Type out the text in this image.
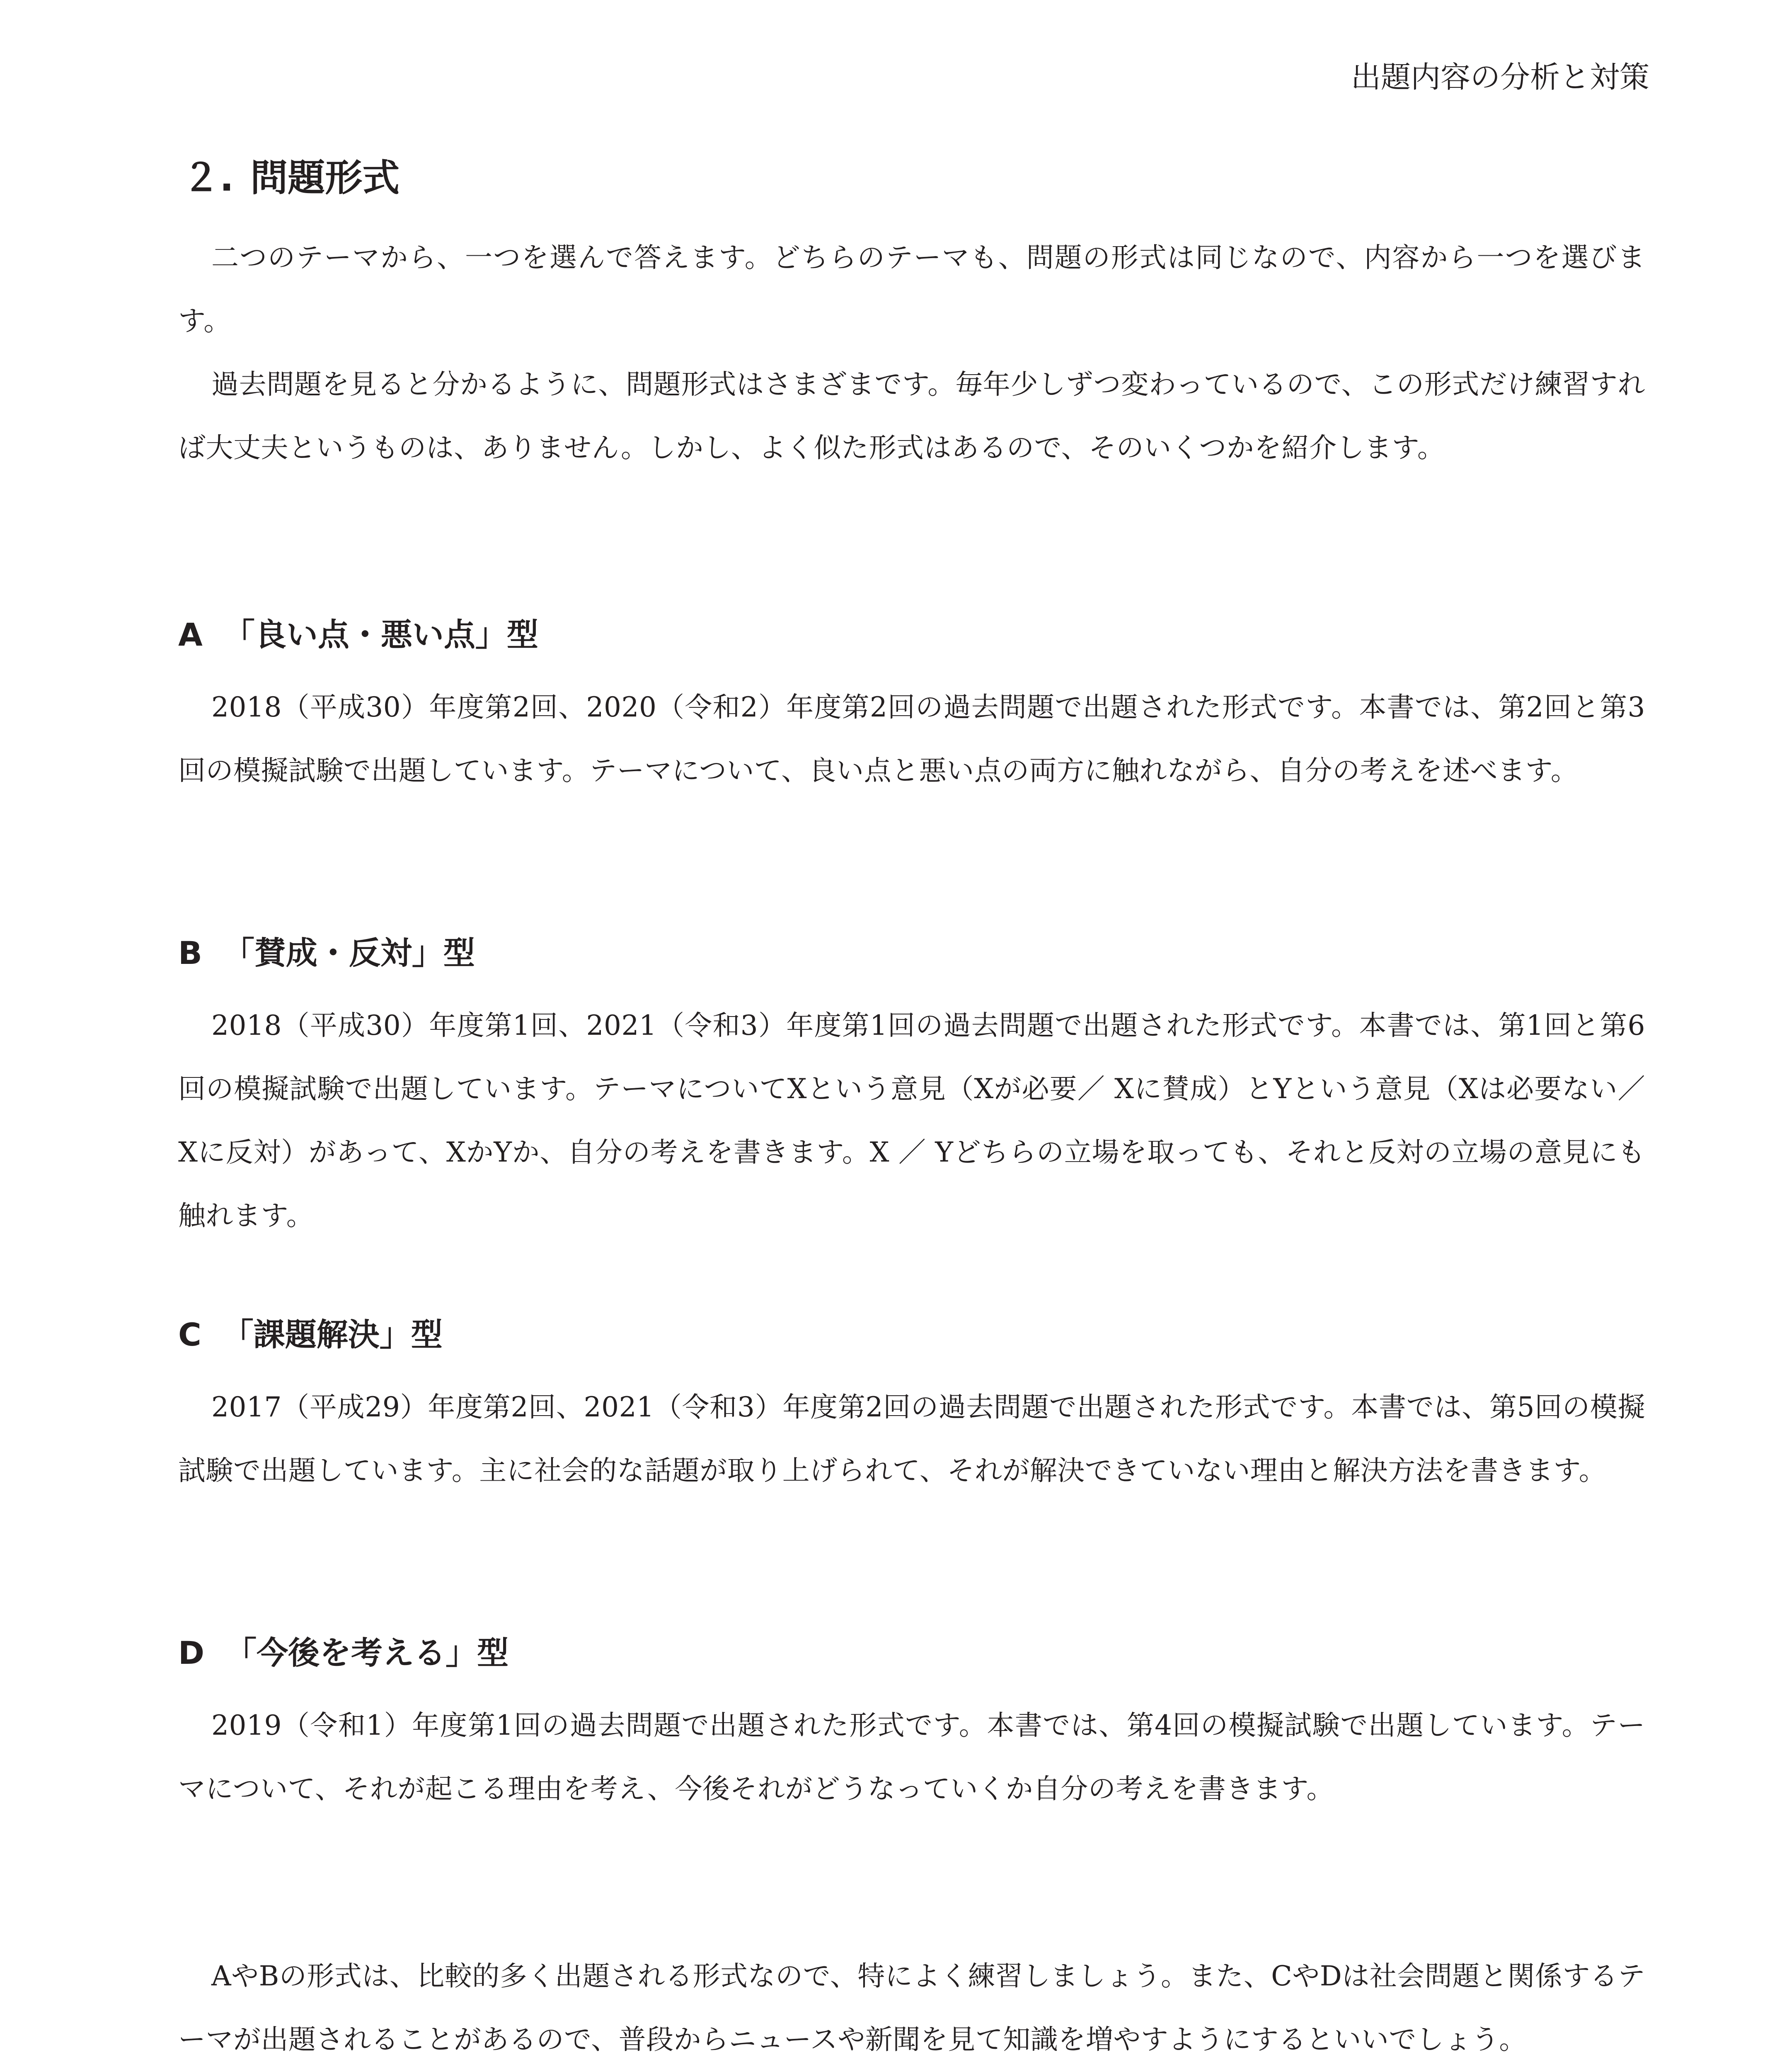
出題内容の分析と対策
２. 問題形式

二つのテーマから、一つを選んで答えます。どちらのテーマも、問題の形式は同じなので、内容から一つを選びます。

過去問題を見ると分かるように、問題形式はさまざまです。毎年少しずつ変わっているので、この形式だけ練習すれば大丈夫というものは、ありません。しかし、よく似た形式はあるので、そのいくつかを紹介します。

A 「良い点・悪い点」型

2018（平成30）年度第2回、2020（令和2）年度第2回の過去問題で出題された形式です。本書では、第2回と第3回の模擬試験で出題しています。テーマについて、良い点と悪い点の両方に触れながら、自分の考えを述べます。

B 「賛成・反対」型

2018（平成30）年度第1回、2021（令和3）年度第1回の過去問題で出題された形式です。本書では、第1回と第6回の模擬試験で出題しています。テーマについてXという意見（Xが必要／ Xに賛成）とYという意見（Xは必要ない／ Xに反対）があって、XかYか、自分の考えを書きます。X ／ Yどちらの立場を取っても、それと反対の立場の意見にも触れます。

C 「課題解決」型

2017（平成29）年度第2回、2021（令和3）年度第2回の過去問題で出題された形式です。本書では、第5回の模擬試験で出題しています。主に社会的な話題が取り上げられて、それが解決できていない理由と解決方法を書きます。

D 「今後を考える」型

2019（令和1）年度第1回の過去問題で出題された形式です。本書では、第4回の模擬試験で出題しています。テーマについて、それが起こる理由を考え、今後それがどうなっていくか自分の考えを書きます。

AやBの形式は、比較的多く出題される形式なので、特によく練習しましょう。また、CやDは社会問題と関係するテーマが出題されることがあるので、普段からニュースや新聞を見て知識を増やすようにするといいでしょう。
